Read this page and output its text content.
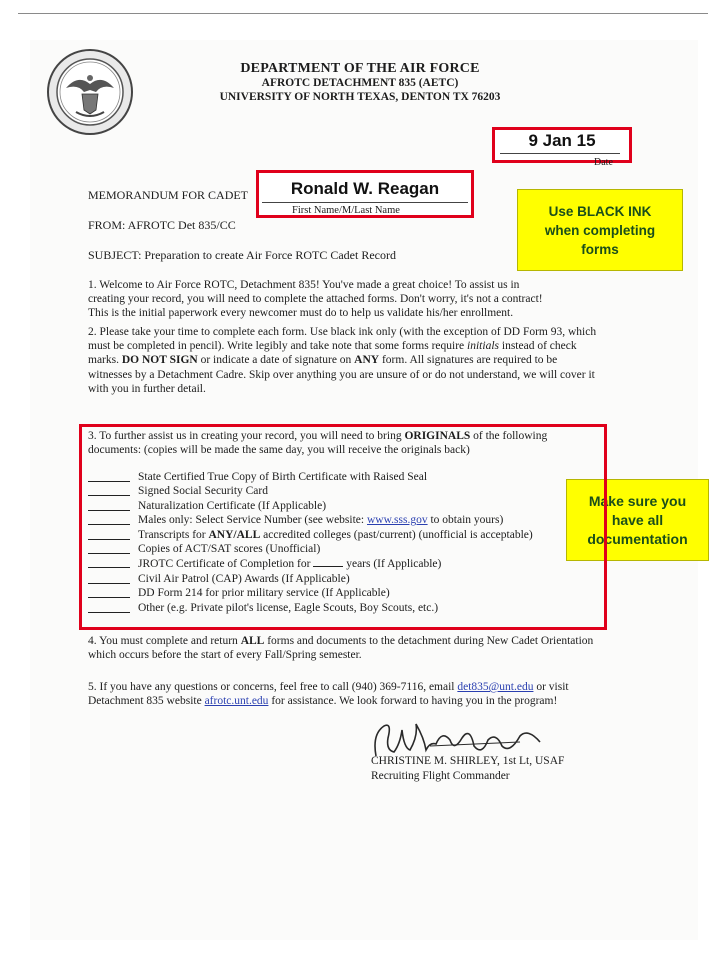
DEPARTMENT OF THE AIR FORCE
AFROTC DETACHMENT 835 (AETC)
UNIVERSITY OF NORTH TEXAS, DENTON TX 76203
9 Jan 15
Date
MEMORANDUM FOR CADET	Ronald W. Reagan
First Name/M/Last Name
FROM: AFROTC Det 835/CC
SUBJECT: Preparation to create Air Force ROTC Cadet Record
Use BLACK INK
when completing
forms
Make sure you
have all
documentation
1. Welcome to Air Force ROTC, Detachment 835! You've made a great choice! To assist us in creating your record, you will need to complete the attached forms. Don't worry, it's not a contract! This is the initial paperwork every newcomer must do to help us validate his/her enrollment.
2. Please take your time to complete each form. Use black ink only (with the exception of DD Form 93, which must be completed in pencil). Write legibly and take note that some forms require initials instead of check marks. DO NOT SIGN or indicate a date of signature on ANY form. All signatures are required to be witnesses by a Detachment Cadre. Skip over anything you are unsure of or do not understand, we will cover it with you in further detail.
3. To further assist us in creating your record, you will need to bring ORIGINALS of the following documents: (copies will be made the same day, you will receive the originals back)
State Certified True Copy of Birth Certificate with Raised Seal
Signed Social Security Card
Naturalization Certificate (If Applicable)
Males only: Select Service Number (see website: www.sss.gov to obtain yours)
Transcripts for ANY/ALL accredited colleges (past/current) (unofficial is acceptable)
Copies of ACT/SAT scores (Unofficial)
JROTC Certificate of Completion for	years (If Applicable)
Civil Air Patrol (CAP) Awards (If Applicable)
DD Form 214 for prior military service (If Applicable)
Other (e.g. Private pilot's license, Eagle Scouts, Boy Scouts, etc.)
4. You must complete and return ALL forms and documents to the detachment during New Cadet Orientation which occurs before the start of every Fall/Spring semester.
5. If you have any questions or concerns, feel free to call (940) 369-7116, email det835@unt.edu or visit Detachment 835 website afrotc.unt.edu for assistance. We look forward to having you in the program!
CHRISTINE M. SHIRLEY, 1st Lt, USAF
Recruiting Flight Commander
